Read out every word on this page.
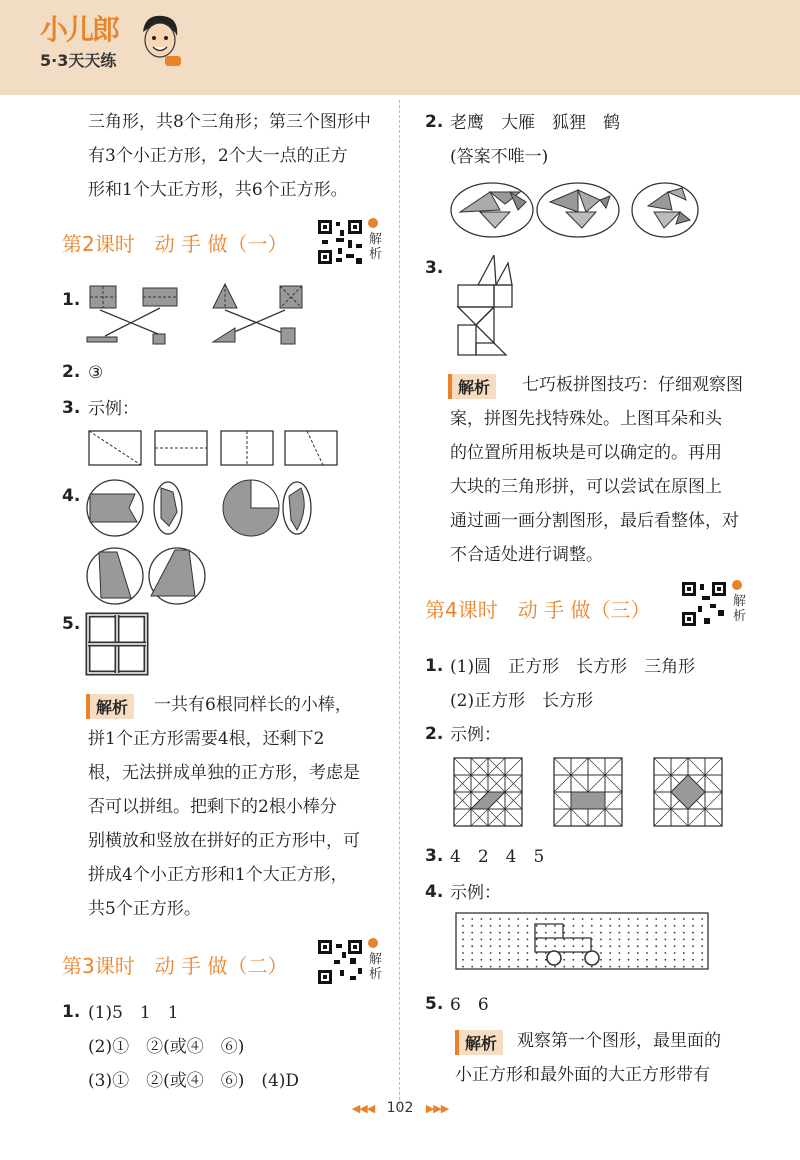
小儿郎
5·3天天练
三角形，共8个三角形；第三个图形中
有3个小正方形，2个大一点的正方
形和1个大正方形，共6个正方形。
第2课时　动 手 做（一）	解析
1.
2. ③
3. 示例：
4.
5.
解析	一共有6根同样长的小棒，
拼1个正方形需要4根，还剩下2
根，无法拼成单独的正方形，考虑是
否可以拼组。把剩下的2根小棒分
别横放和竖放在拼好的正方形中，可
拼成4个小正方形和1个大正方形，
共5个正方形。
第3课时　动 手 做（二）	解析
1. (1)5　1　1
(2)①　②(或④　⑥)
(3)①　②(或④　⑥)　(4)D
2. 老鹰　大雁　狐狸　鹤
(答案不唯一)
3.
解析	七巧板拼图技巧：仔细观察图
案，拼图先找特殊处。上图耳朵和头
的位置所用板块是可以确定的。再用
大块的三角形拼，可以尝试在原图上
通过画一画分割图形，最后看整体，对
不合适处进行调整。
第4课时　动 手 做（三）	解析
1. (1)圆　正方形　长方形　三角形
(2)正方形　长方形
2. 示例：
3. 4　2　4　5
4. 示例：
5. 6　6
解析	观察第一个图形，最里面的
小正方形和最外面的大正方形带有
◀◀◀ 102 ▶▶▶
